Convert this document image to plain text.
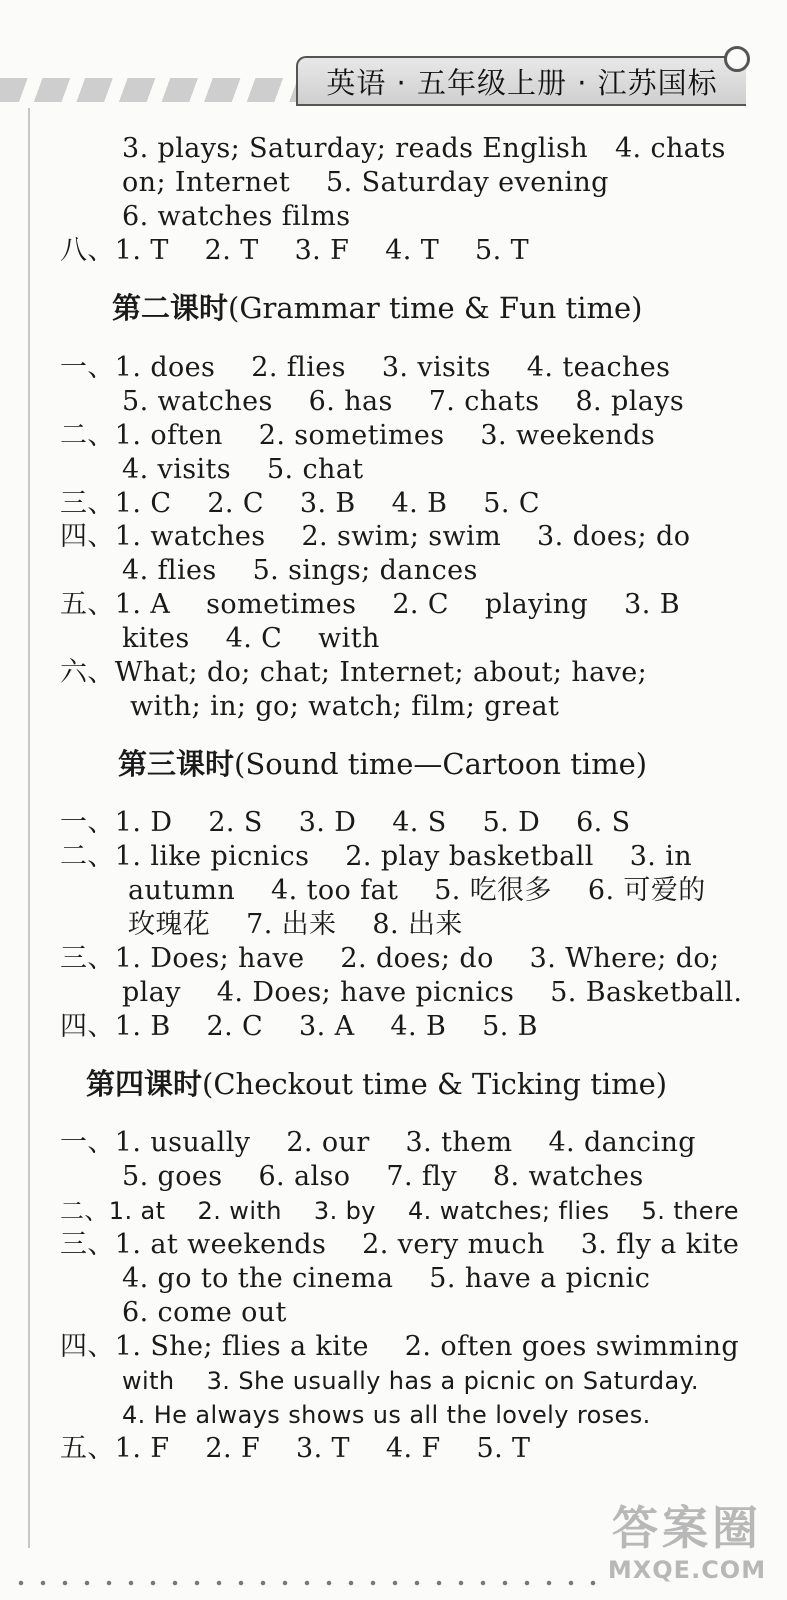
英语 · 五年级上册 · 江苏国标
3. plays; Saturday; reads English   4. chats
on; Internet    5. Saturday evening
6. watches films
八、1. T    2. T    3. F    4. T    5. T
第二课时(Grammar time & Fun time)
一、1. does    2. flies    3. visits    4. teaches
5. watches    6. has    7. chats    8. plays
二、1. often    2. sometimes    3. weekends
4. visits    5. chat
三、1. C    2. C    3. B    4. B    5. C
四、1. watches    2. swim; swim    3. does; do
4. flies    5. sings; dances
五、1. A    sometimes    2. C    playing    3. B
kites    4. C    with
六、What; do; chat; Internet; about; have;
with; in; go; watch; film; great
第三课时(Sound time—Cartoon time)
一、1. D    2. S    3. D    4. S    5. D    6. S
二、1. like picnics    2. play basketball    3. in
autumn    4. too fat    5. 吃很多    6. 可爱的
玫瑰花    7. 出来    8. 出来
三、1. Does; have    2. does; do    3. Where; do;
play    4. Does; have picnics    5. Basketball.
四、1. B    2. C    3. A    4. B    5. B
第四课时(Checkout time & Ticking time)
一、1. usually    2. our    3. them    4. dancing
5. goes    6. also    7. fly    8. watches
二、1. at    2. with    3. by    4. watches; flies    5. there
三、1. at weekends    2. very much    3. fly a kite
4. go to the cinema    5. have a picnic
6. come out
四、1. She; flies a kite    2. often goes swimming
with    3. She usually has a picnic on Saturday.
4. He always shows us all the lovely roses.
五、1. F    2. F    3. T    4. F    5. T
答案圈
MXQE.COM
